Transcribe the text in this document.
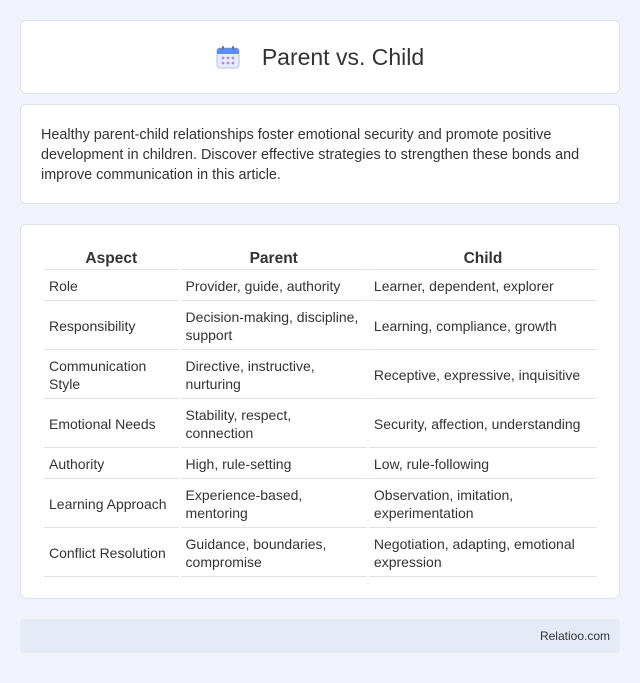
Parent vs. Child

Healthy parent-child relationships foster emotional security and promote positive development in children. Discover effective strategies to strengthen these bonds and improve communication in this article.

Aspect	Parent	Child
Role	Provider, guide, authority	Learner, dependent, explorer
Responsibility	Decision-making, discipline, support	Learning, compliance, growth
Communication Style	Directive, instructive, nurturing	Receptive, expressive, inquisitive
Emotional Needs	Stability, respect, connection	Security, affection, understanding
Authority	High, rule-setting	Low, rule-following
Learning Approach	Experience-based, mentoring	Observation, imitation, experimentation
Conflict Resolution	Guidance, boundaries, compromise	Negotiation, adapting, emotional expression
Relatioo.com
